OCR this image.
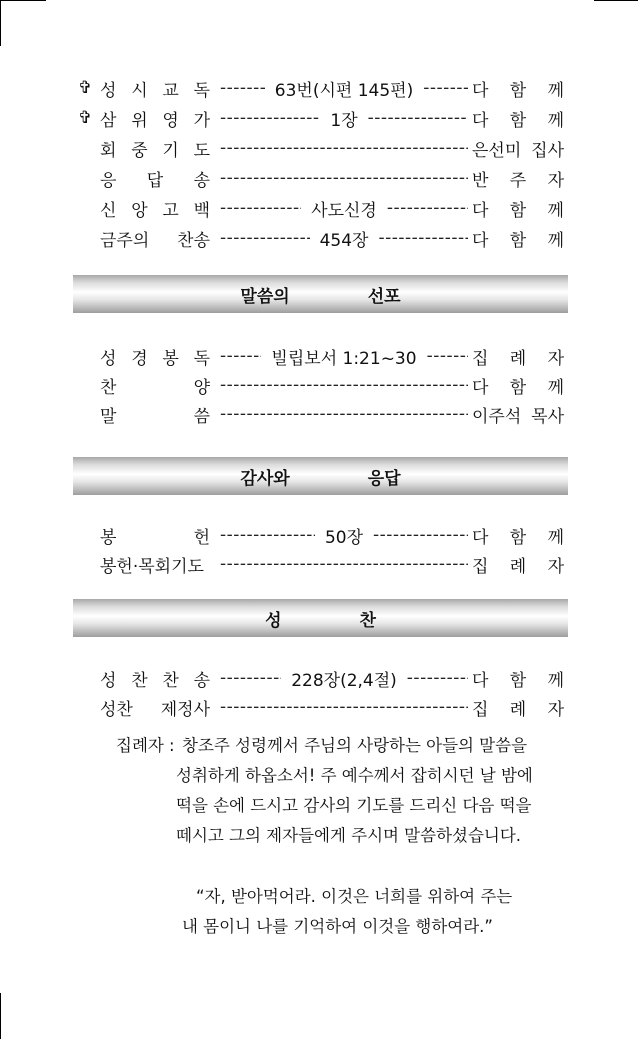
✞ 성 시 교 독 -----	63번(시편 145편) -----	다 함 께
✞ 삼 위 영 가 -----	1장 -----	다 함 께
회 중 기 도 -----	은선미 집사
응 답 송 -----	반 주 자
신 앙 고 백 -----	사도신경 -----	다 함 께
금주의 찬송 -----	454장 -----	다 함 께
말씀의	선포
성 경 봉 독 -----	빌립보서 1:21~30 -----	집 례 자
찬	양 -----	다 함 께
말	씀 -----	이주석 목사
감사와	응답
봉	헌 -----	50장 -----	다 함 께
봉헌·목회기도 -----	집 례 자
성	찬
성 찬 찬 송 -----	228장(2,4절) -----	다 함 께
성찬 제정사 -----	집 례 자
집례자 : 창조주 성령께서 주님의 사랑하는 아들의 말씀을
성취하게 하옵소서! 주 예수께서 잡히시던 날 밤에
떡을 손에 드시고 감사의 기도를 드리신 다음 떡을
떼시고 그의 제자들에게 주시며 말씀하셨습니다.
“자, 받아먹어라. 이것은 너희를 위하여 주는
내 몸이니 나를 기억하여 이것을 행하여라.”
